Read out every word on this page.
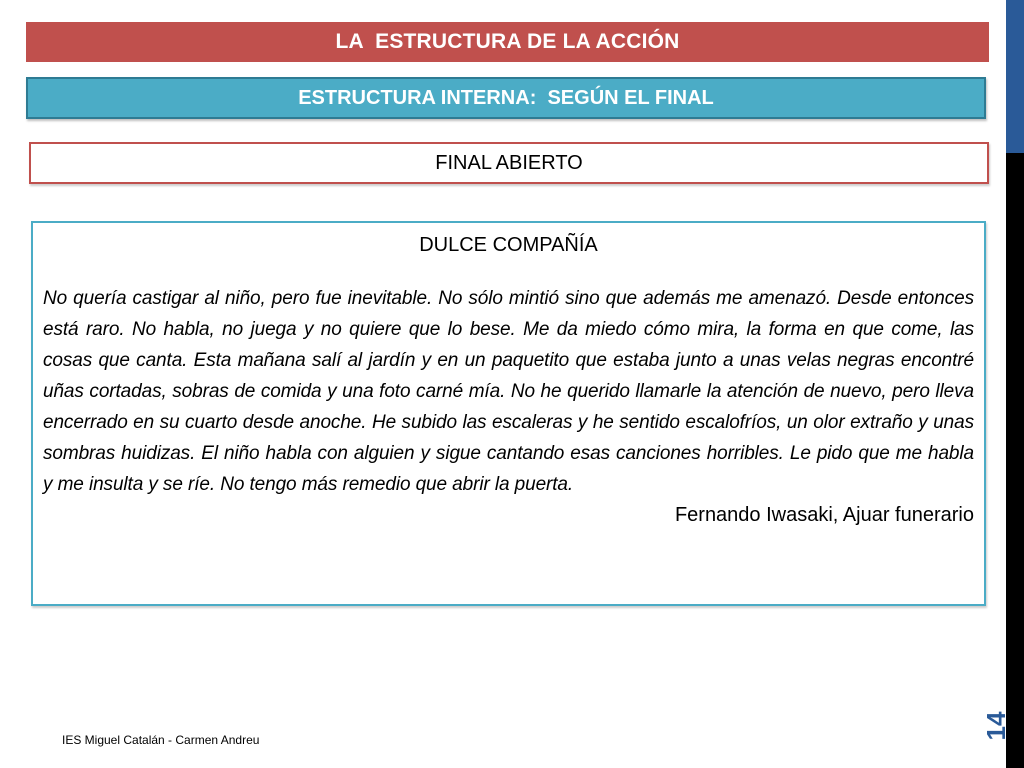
LA  ESTRUCTURA DE LA ACCIÓN
ESTRUCTURA INTERNA:  SEGÚN EL FINAL
FINAL ABIERTO

DULCE COMPAÑÍA

No quería castigar al niño, pero fue inevitable. No sólo mintió sino que además me amenazó. Desde entonces está raro. No habla, no juega y no quiere que lo bese. Me da miedo cómo mira, la forma en que come, las cosas que canta. Esta mañana salí al jardín y en un paquetito que estaba junto a unas velas negras encontré uñas cortadas, sobras de comida y una foto carné mía. No he querido llamarle la atención de nuevo, pero lleva encerrado en su cuarto desde anoche. He subido las escaleras y he sentido escalofríos, un olor extraño y unas sombras huidizas. El niño habla con alguien y sigue cantando esas canciones horribles. Le pido que me habla y me insulta y se ríe. No tengo más remedio que abrir la puerta.

Fernando Iwasaki, Ajuar funerario

IES Miguel Catalán - Carmen Andreu	14
